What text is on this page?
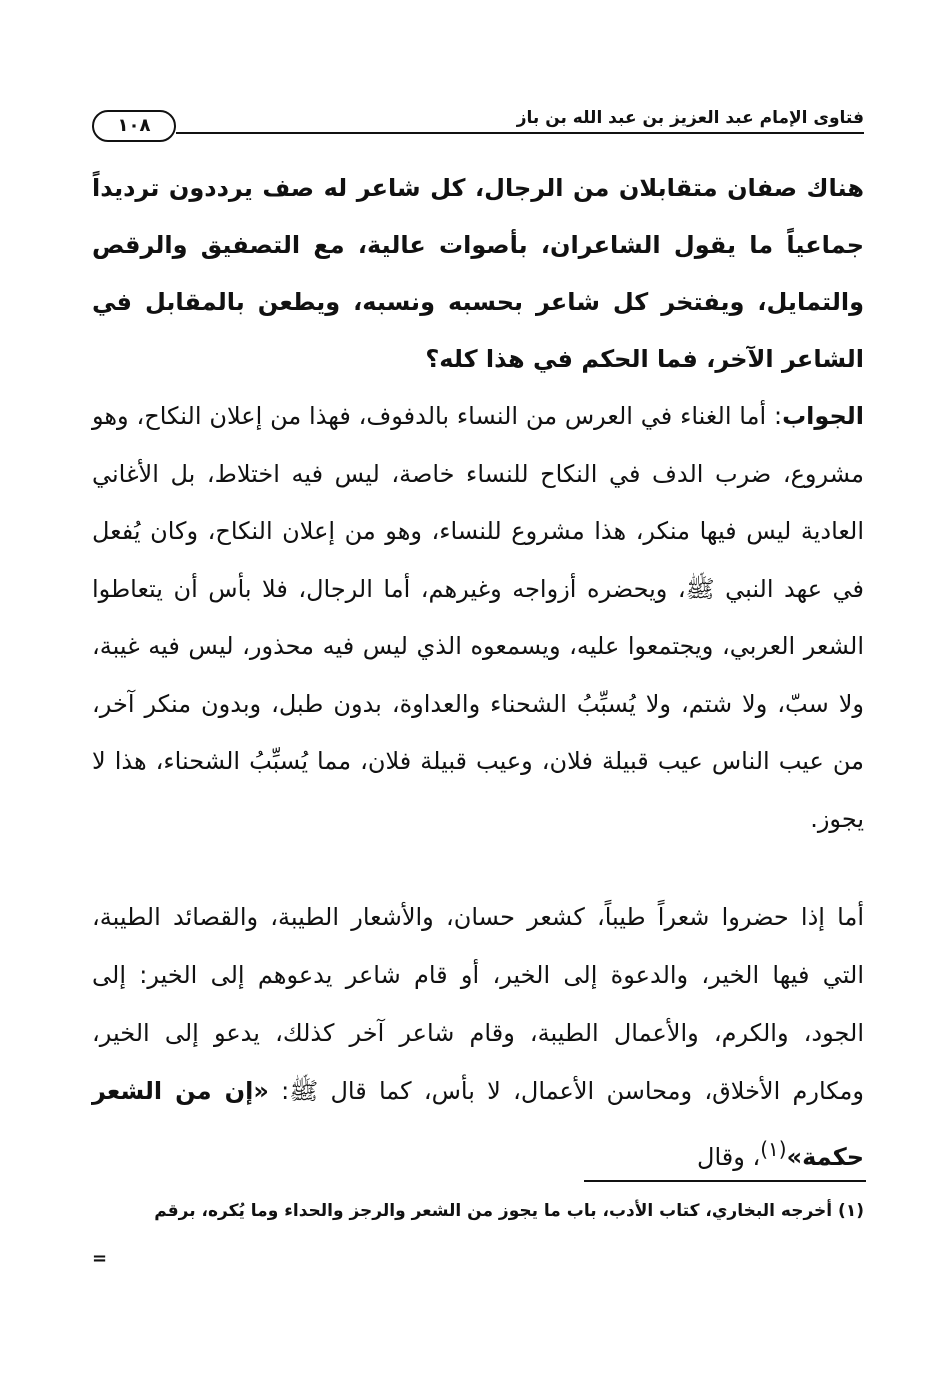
١٠٨	فتاوى الإمام عبد العزيز بن عبد الله بن باز
هناك صفان متقابلان من الرجال، كل شاعر له صف يرددون ترديداً جماعياً ما يقول الشاعران، بأصوات عالية، مع التصفيق والرقص والتمايل، ويفتخر كل شاعر بحسبه ونسبه، ويطعن بالمقابل في الشاعر الآخر، فما الحكم في هذا كله؟
الجواب: أما الغناء في العرس من النساء بالدفوف، فهذا من إعلان النكاح، وهو مشروع، ضرب الدف في النكاح للنساء خاصة، ليس فيه اختلاط، بل الأغاني العادية ليس فيها منكر، هذا مشروع للنساء، وهو من إعلان النكاح، وكان يُفعل في عهد النبي ﷺ، ويحضره أزواجه وغيرهم، أما الرجال، فلا بأس أن يتعاطوا الشعر العربي، ويجتمعوا عليه، ويسمعوه الذي ليس فيه محذور، ليس فيه غيبة، ولا سبّ، ولا شتم، ولا يُسبِّبُ الشحناء والعداوة، بدون طبل، وبدون منكر آخر، من عيب الناس عيب قبيلة فلان، وعيب قبيلة فلان، مما يُسبِّبُ الشحناء، هذا لا يجوز.
أما إذا حضروا شعراً طيباً، كشعر حسان، والأشعار الطيبة، والقصائد الطيبة، التي فيها الخير، والدعوة إلى الخير، أو قام شاعر يدعوهم إلى الخير: إلى الجود، والكرم، والأعمال الطيبة، وقام شاعر آخر كذلك، يدعو إلى الخير، ومكارم الأخلاق، ومحاسن الأعمال، لا بأس، كما قال ﷺ: «إن من الشعر حكمة»$^{(١)}$، وقال
(١) أخرجه البخاري، كتاب الأدب، باب ما يجوز من الشعر والرجز والحداء وما يُكره، برقم
=
